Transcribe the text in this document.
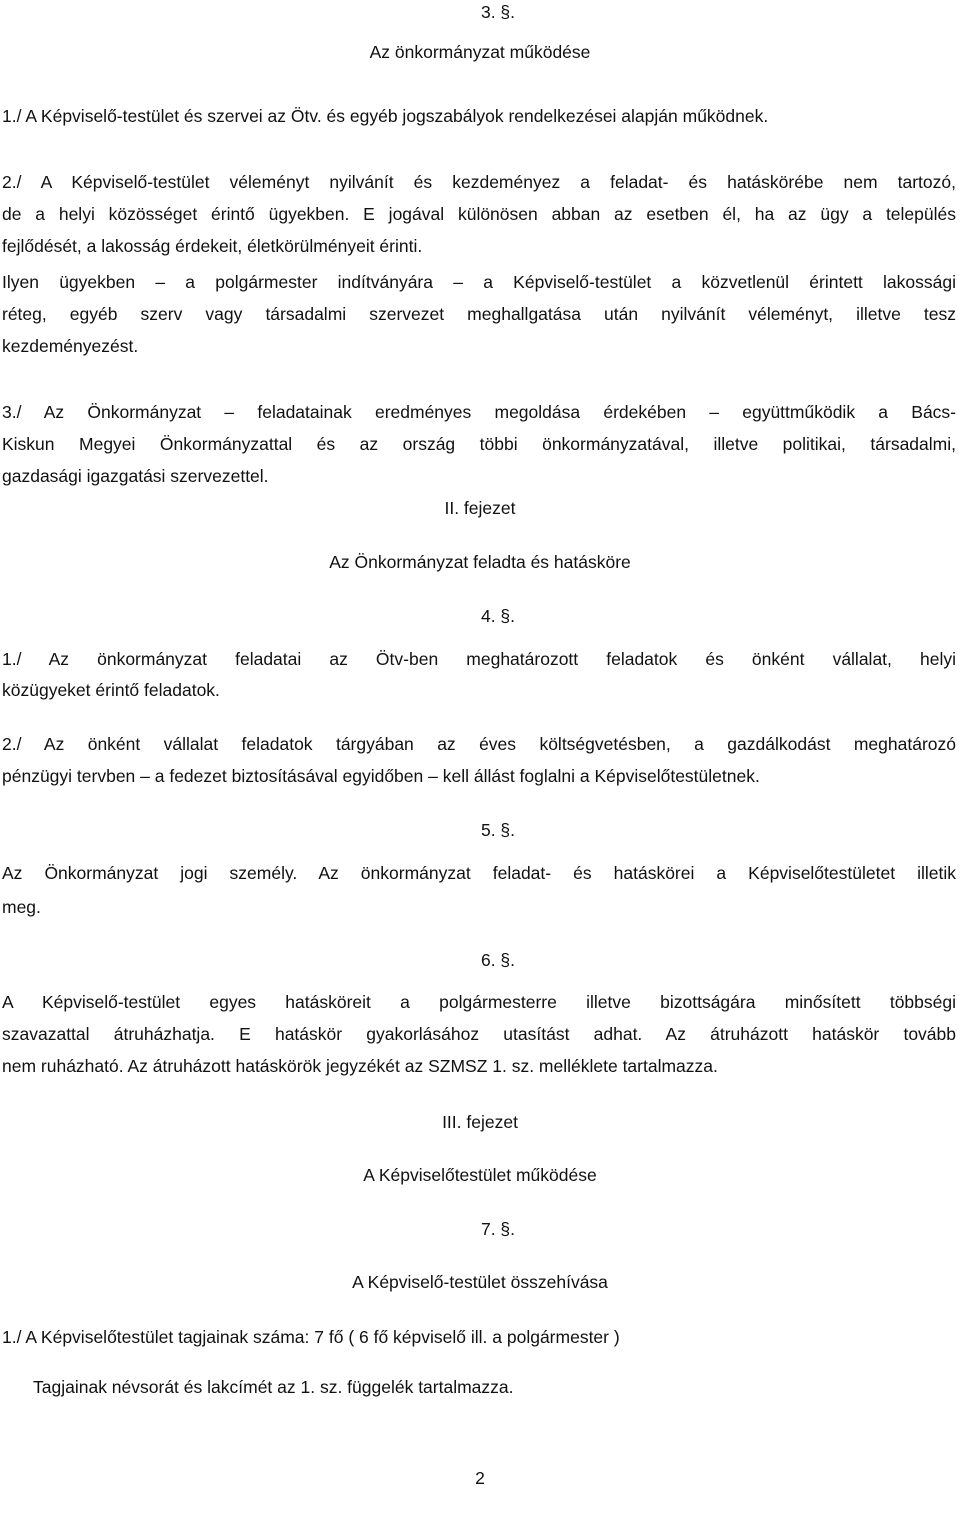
3. §.
Az önkormányzat működése
1./ A Képviselő-testület és szervei az Ötv. és egyéb jogszabályok rendelkezései alapján működnek.
2./ A Képviselő-testület véleményt nyilvánít és kezdeményez a feladat- és hatáskörébe nem tartozó,
de a helyi közösséget érintő ügyekben. E jogával különösen abban az esetben él, ha az ügy a település
fejlődését, a lakosság érdekeit, életkörülményeit érinti.
Ilyen ügyekben – a polgármester indítványára – a Képviselő-testület a közvetlenül érintett lakossági
réteg, egyéb szerv vagy társadalmi szervezet meghallgatása után nyilvánít véleményt, illetve tesz
kezdeményezést.
3./ Az Önkormányzat – feladatainak eredményes megoldása érdekében – együttműködik a Bács-
Kiskun Megyei Önkormányzattal és az ország többi önkormányzatával, illetve politikai, társadalmi,
gazdasági igazgatási szervezettel.
II. fejezet
Az Önkormányzat feladta és hatásköre
4. §.
1./ Az önkormányzat feladatai az Ötv-ben meghatározott feladatok és önként vállalat, helyi
közügyeket érintő feladatok.
2./ Az önként vállalat feladatok tárgyában az éves költségvetésben, a gazdálkodást meghatározó
pénzügyi tervben – a fedezet biztosításával egyidőben – kell állást foglalni a Képviselőtestületnek.
5. §.
Az Önkormányzat jogi személy. Az önkormányzat feladat- és hatáskörei a Képviselőtestületet illetik
meg.
6. §.
A Képviselő-testület egyes hatásköreit a polgármesterre illetve bizottságára minősített többségi
szavazattal átruházhatja. E hatáskör gyakorlásához utasítást adhat. Az átruházott hatáskör tovább
nem ruházható. Az átruházott hatáskörök jegyzékét az SZMSZ 1. sz. melléklete tartalmazza.
III. fejezet
A Képviselőtestület működése
7. §.
A Képviselő-testület összehívása
1./ A Képviselőtestület tagjainak száma: 7 fő ( 6 fő képviselő ill. a polgármester )
Tagjainak névsorát és lakcímét az 1. sz. függelék tartalmazza.
2
